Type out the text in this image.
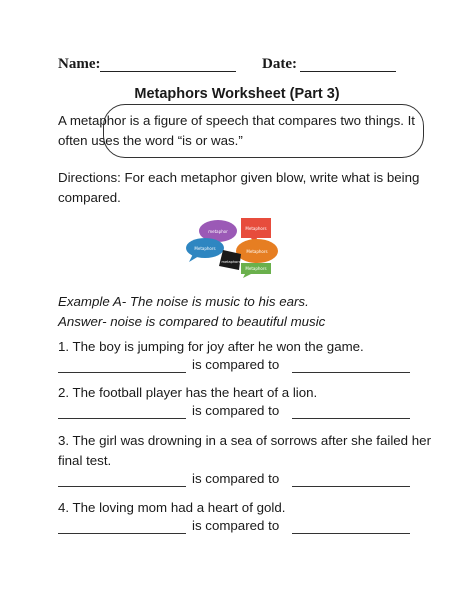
Name:	Date:
Metaphors Worksheet (Part 3)
A metaphor is a figure of speech that compares two things. It often uses the word “is or was.”
Directions: For each metaphor given blow, write what is being compared.
metaphor
Metaphors
Metaphors
Metaphors
metaphors
Metaphors
Example A- The noise is music to his ears.
Answer- noise is compared to beautiful music
1. The boy is jumping for joy after he won the game.
is compared to
2. The football player has the heart of a lion.
is compared to
3. The girl was drowning in a sea of sorrows after she failed her
final test.
is compared to
4. The loving mom had a heart of gold.
is compared to
